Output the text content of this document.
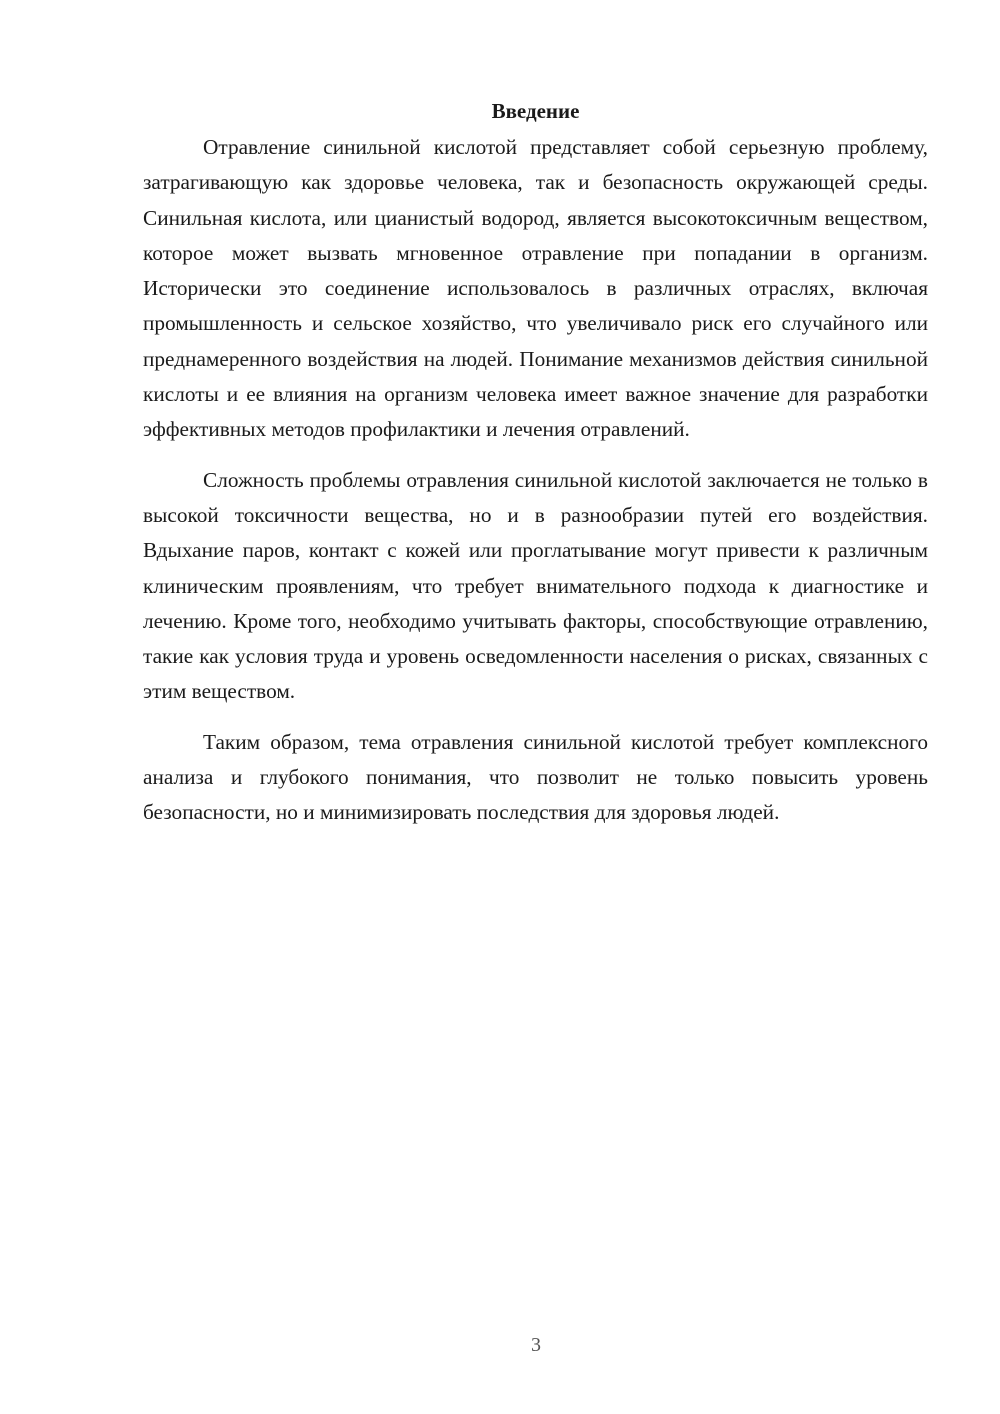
Введение

Отравление синильной кислотой представляет собой серьезную проблему, затрагивающую как здоровье человека, так и безопасность окружающей среды. Синильная кислота, или цианистый водород, является высокотоксичным веществом, которое может вызвать мгновенное отравление при попадании в организм. Исторически это соединение использовалось в различных отраслях, включая промышленность и сельское хозяйство, что увеличивало риск его случайного или преднамеренного воздействия на людей. Понимание механизмов действия синильной кислоты и ее влияния на организм человека имеет важное значение для разработки эффективных методов профилактики и лечения отравлений.

Сложность проблемы отравления синильной кислотой заключается не только в высокой токсичности вещества, но и в разнообразии путей его воздействия. Вдыхание паров, контакт с кожей или проглатывание могут привести к различным клиническим проявлениям, что требует внимательного подхода к диагностике и лечению. Кроме того, необходимо учитывать факторы, способствующие отравлению, такие как условия труда и уровень осведомленности населения о рисках, связанных с этим веществом.

Таким образом, тема отравления синильной кислотой требует комплексного анализа и глубокого понимания, что позволит не только повысить уровень безопасности, но и минимизировать последствия для здоровья людей.

3
